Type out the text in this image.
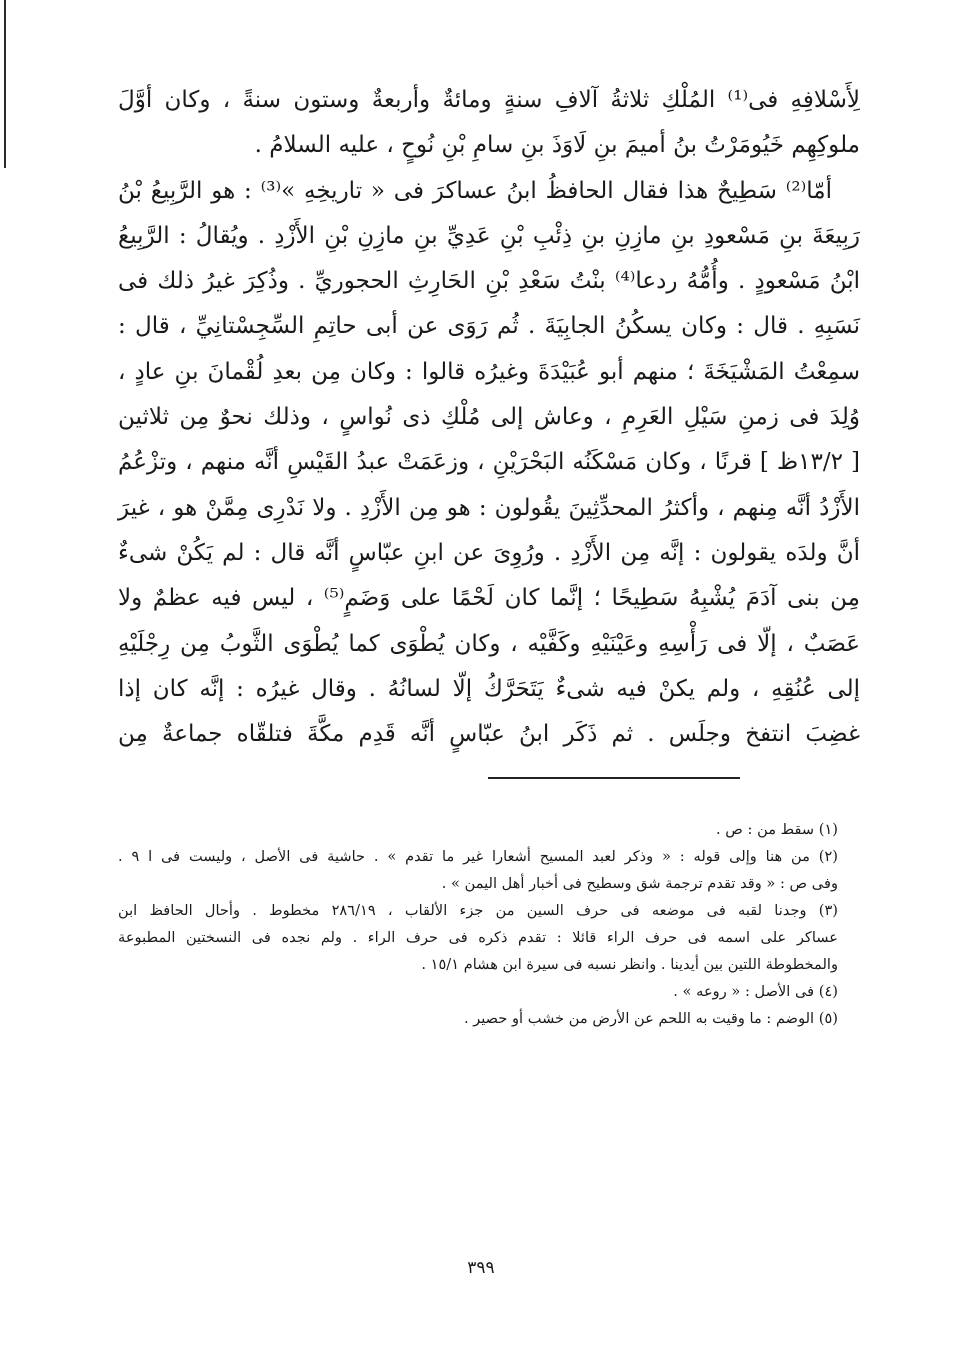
لِأَسْلافِهِ فى⁽¹⁾ المُلْكِ ثلاثةُ آلافِ سنةٍ ومائةٌ وأربعةٌ وستون سنةً ، وكان أوَّلَ

ملوكِهِم خَيُومَرْتُ بنُ أميمَ بنِ لَاوَذَ بنِ سامِ بْنِ نُوحٍ ، عليه السلامُ .

أمّا⁽²⁾ سَطِيحٌ هذا فقال الحافظُ ابنُ عساكرَ فى « تاريخِهِ »⁽³⁾ : هو الرَّبِيعُ بْنُ

رَبِيعَةَ بنِ مَسْعودِ بنِ مازِنِ بنِ ذِئْبِ بْنِ عَدِيِّ بنِ مازِنِ بْنِ الأَزْدِ . ويُقالُ : الرَّبِيعُ

ابْنُ مَسْعودٍ . وأُمُّهُ ردعا⁽⁴⁾ بنْتُ سَعْدِ بْنِ الحَارِثِ الحجوريِّ . وذُكِرَ غيرُ ذلك فى

نَسَبِهِ . قال : وكان يسكُنُ الجابِيَةَ . ثُم رَوَى عن أبى حاتِمِ السِّجِسْتانِيِّ ، قال :

سمِعْتُ المَشْيَخَةَ ؛ منهم أبو عُبَيْدَةَ وغيرُه قالوا : وكان مِن بعدِ لُقْمانَ بنِ عادٍ ،

وُلِدَ فى زمنِ سَيْلِ العَرِمِ ، وعاش إلى مُلْكِ ذى نُواسٍ ، وذلك نحوٌ مِن ثلاثين

[ ١٣/٢ظ ] قرنًا ، وكان مَسْكَنُه البَحْرَيْنِ ، وزعَمَتْ عبدُ القَيْسِ أنَّه منهم ، وتزْعُمُ

الأَزْدُ أنَّه مِنهم ، وأكثرُ المحدِّثِينَ يقُولون : هو مِن الأَزْدِ . ولا نَدْرِى مِمَّنْ هو ، غيرَ

أنَّ ولدَه يقولون : إنَّه مِن الأَزْدِ . ورُوِىَ عن ابنِ عبّاسٍ أنَّه قال : لم يَكُنْ شىءٌ

مِن بنى آدَمَ يُشْبِهُ سَطِيحًا ؛ إنَّما كان لَحْمًا على وَضَمٍ⁽⁵⁾ ، ليس فيه عظمٌ ولا

عَصَبٌ ، إلّا فى رَأْسِهِ وعَيْنَيْهِ وكَفَّيْه ، وكان يُطْوَى كما يُطْوَى الثَّوبُ مِن رِجْلَيْهِ

إلى عُنُقِهِ ، ولم يكنْ فيه شىءٌ يَتَحَرَّكُ إلّا لسانُهُ . وقال غيرُه : إنَّه كان إذا

غضِبَ انتفخ وجلَس . ثم ذَكَر ابنُ عبّاسٍ أنَّه قَدِم مكَّةَ فتلقّاه جماعةٌ مِن

(١) سقط من : ص .

(٢) من هنا وإلى قوله : « وذكر لعبد المسيح أشعارا غير ما تقدم » . حاشية فى الأصل ، وليست فى ا ٩ .

وفى ص : « وقد تقدم ترجمة شق وسطيح فى أخبار أهل اليمن » .

(٣) وجدنا لقبه فى موضعه فى حرف السين من جزء الألقاب ، ٢٨٦/١٩ مخطوط . وأحال الحافظ ابن

عساكر على اسمه فى حرف الراء قائلا : تقدم ذكره فى حرف الراء . ولم نجده فى النسختين المطبوعة

والمخطوطة اللتين بين أيدينا . وانظر نسبه فى سيرة ابن هشام ١٥/١ .

(٤) فى الأصل : « روعه » .

(٥) الوضم : ما وقيت به اللحم عن الأرض من خشب أو حصير .

٣٩٩
